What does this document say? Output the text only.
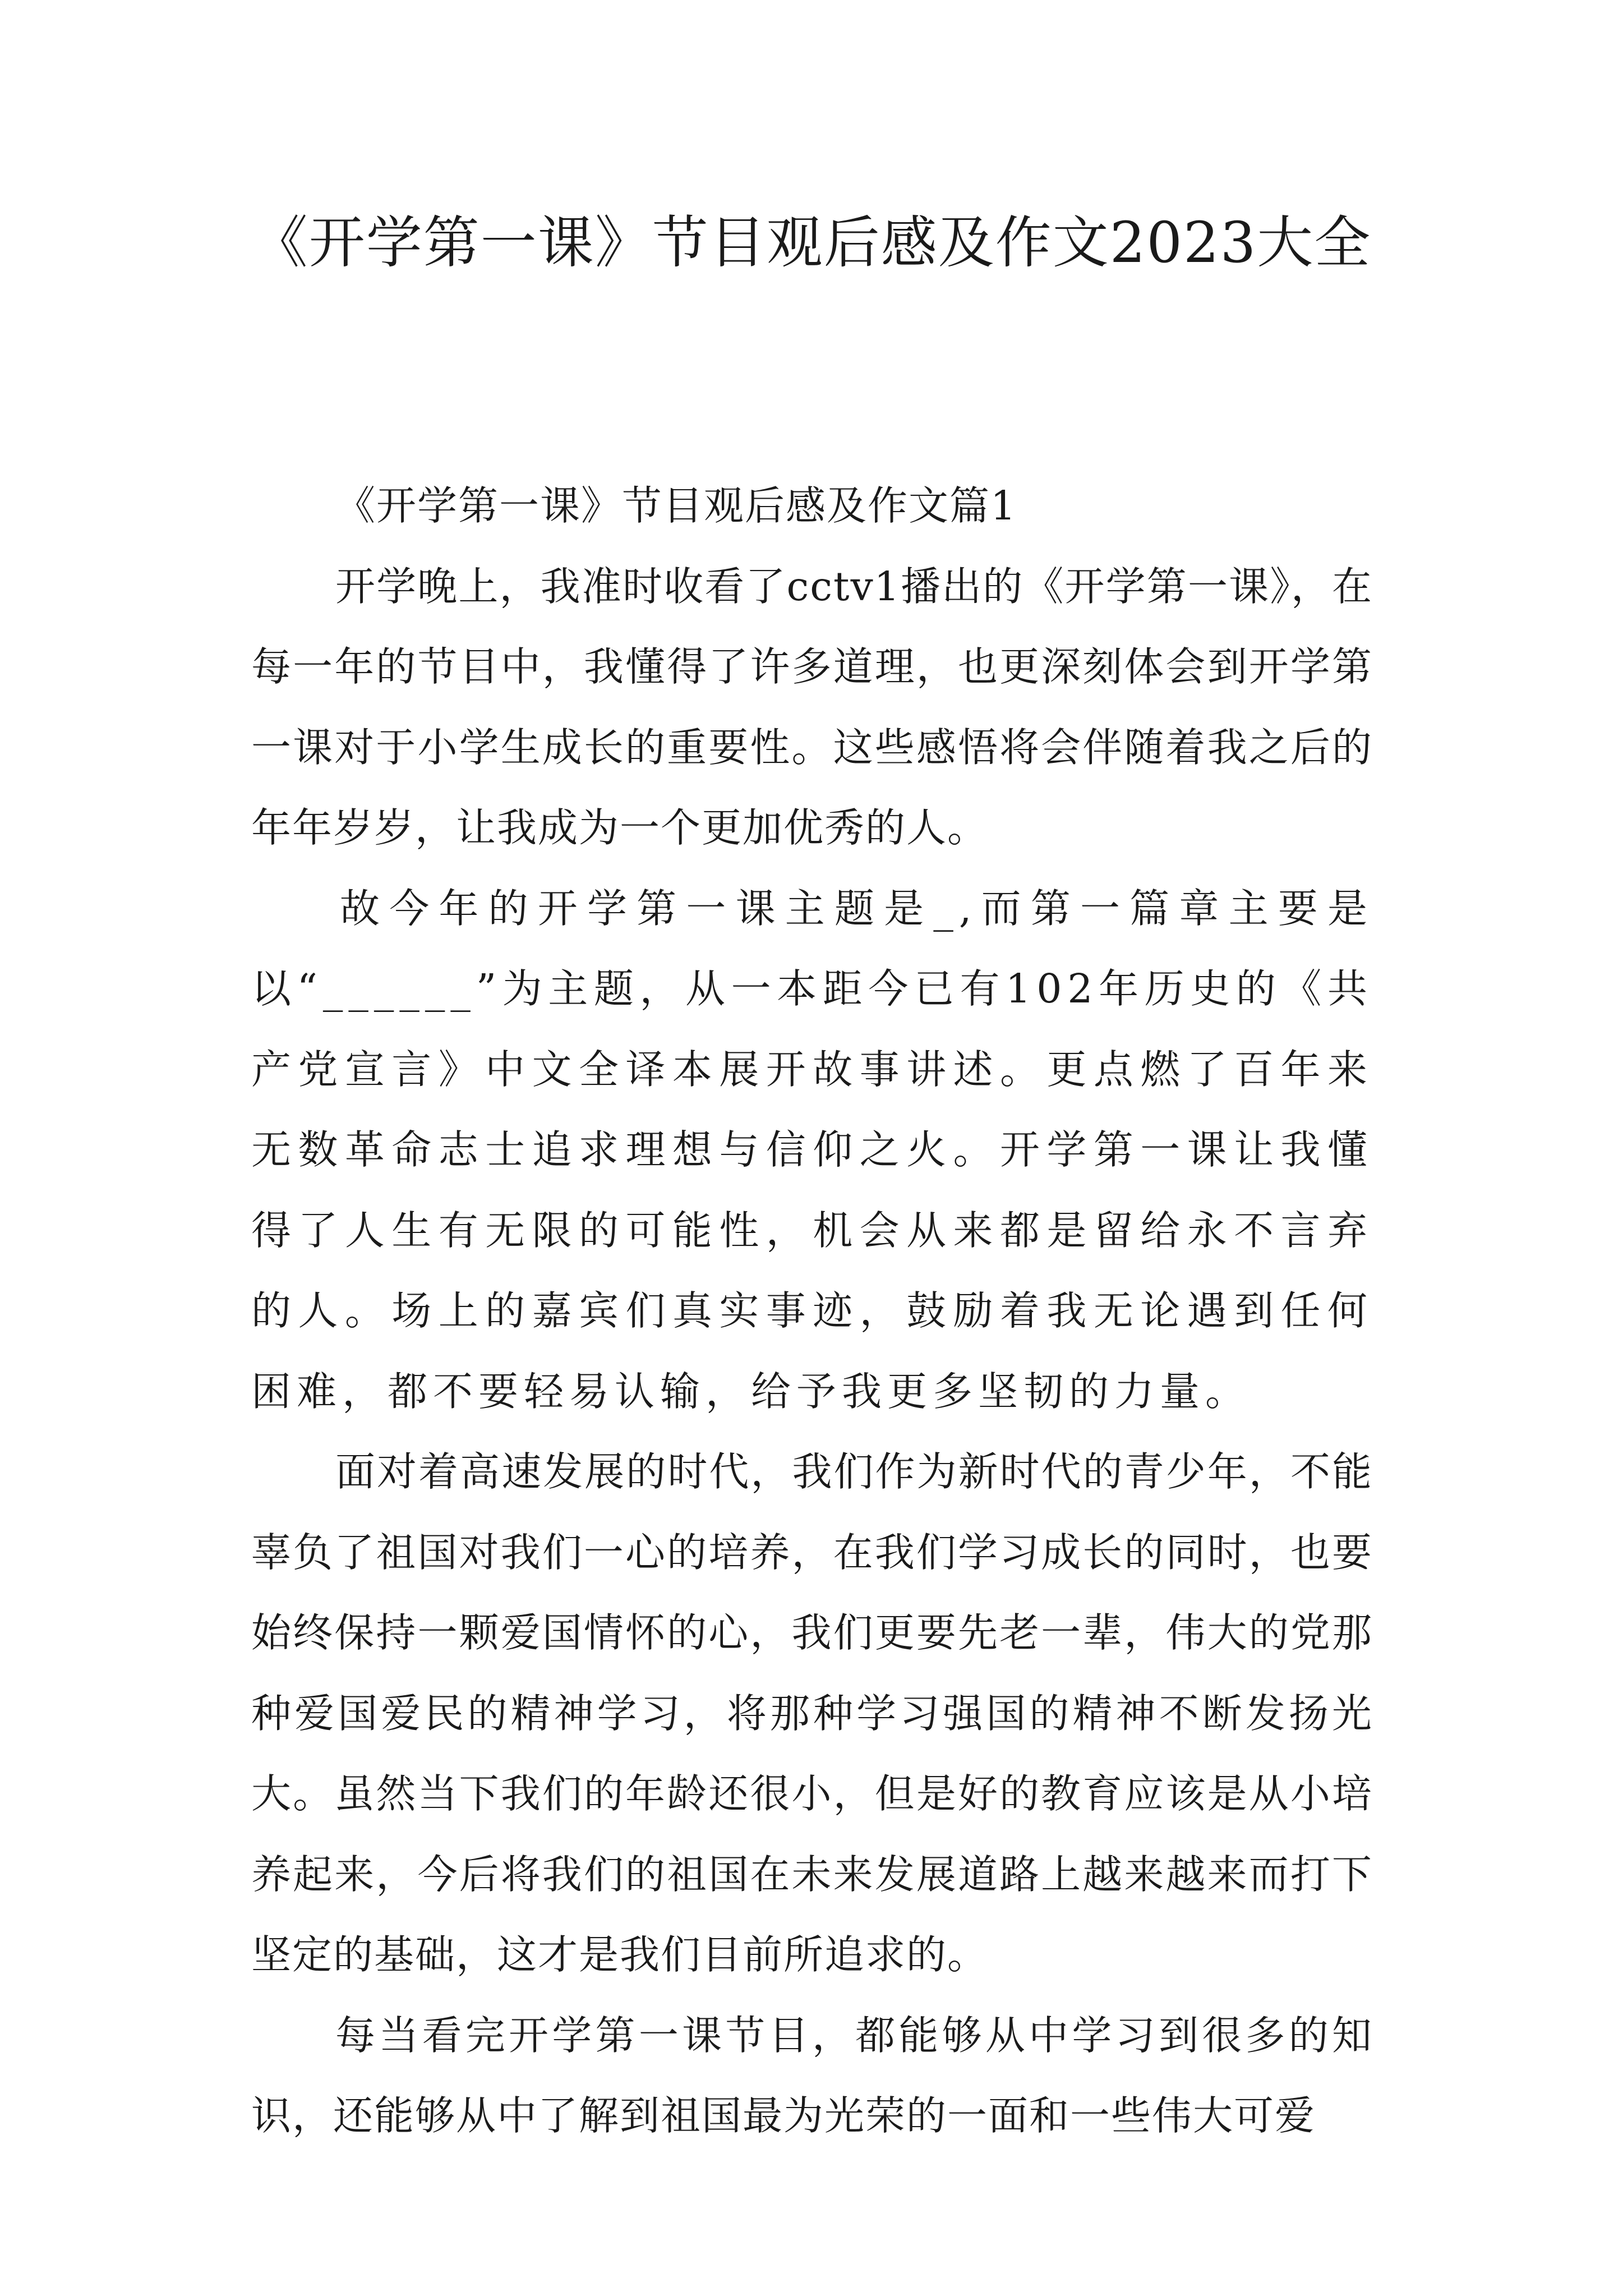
《开学第一课》节目观后感及作文2023大全
《开学第一课》节目观后感及作文篇1

开学晚上，我准时收看了cctv1播出的《开学第一课》，在每一年的节目中，我懂得了许多道理，也更深刻体会到开学第一课对于小学生成长的重要性。这些感悟将会伴随着我之后的年年岁岁，让我成为一个更加优秀的人。

故今年的开学第一课主题是_,而第一篇章主要是以“______”为主题，从一本距今已有102年历史的《共产党宣言》中文全译本展开故事讲述。更点燃了百年来无数革命志士追求理想与信仰之火。开学第一课让我懂得了人生有无限的可能性，机会从来都是留给永不言弃的人。场上的嘉宾们真实事迹，鼓励着我无论遇到任何困难，都不要轻易认输，给予我更多坚韧的力量。

面对着高速发展的时代，我们作为新时代的青少年，不能辜负了祖国对我们一心的培养，在我们学习成长的同时，也要始终保持一颗爱国情怀的心，我们更要先老一辈，伟大的党那种爱国爱民的精神学习，将那种学习强国的精神不断发扬光大。虽然当下我们的年龄还很小，但是好的教育应该是从小培养起来，今后将我们的祖国在未来发展道路上越来越来而打下坚定的基础，这才是我们目前所追求的。

每当看完开学第一课节目，都能够从中学习到很多的知识，还能够从中了解到祖国最为光荣的一面和一些伟大可爱
